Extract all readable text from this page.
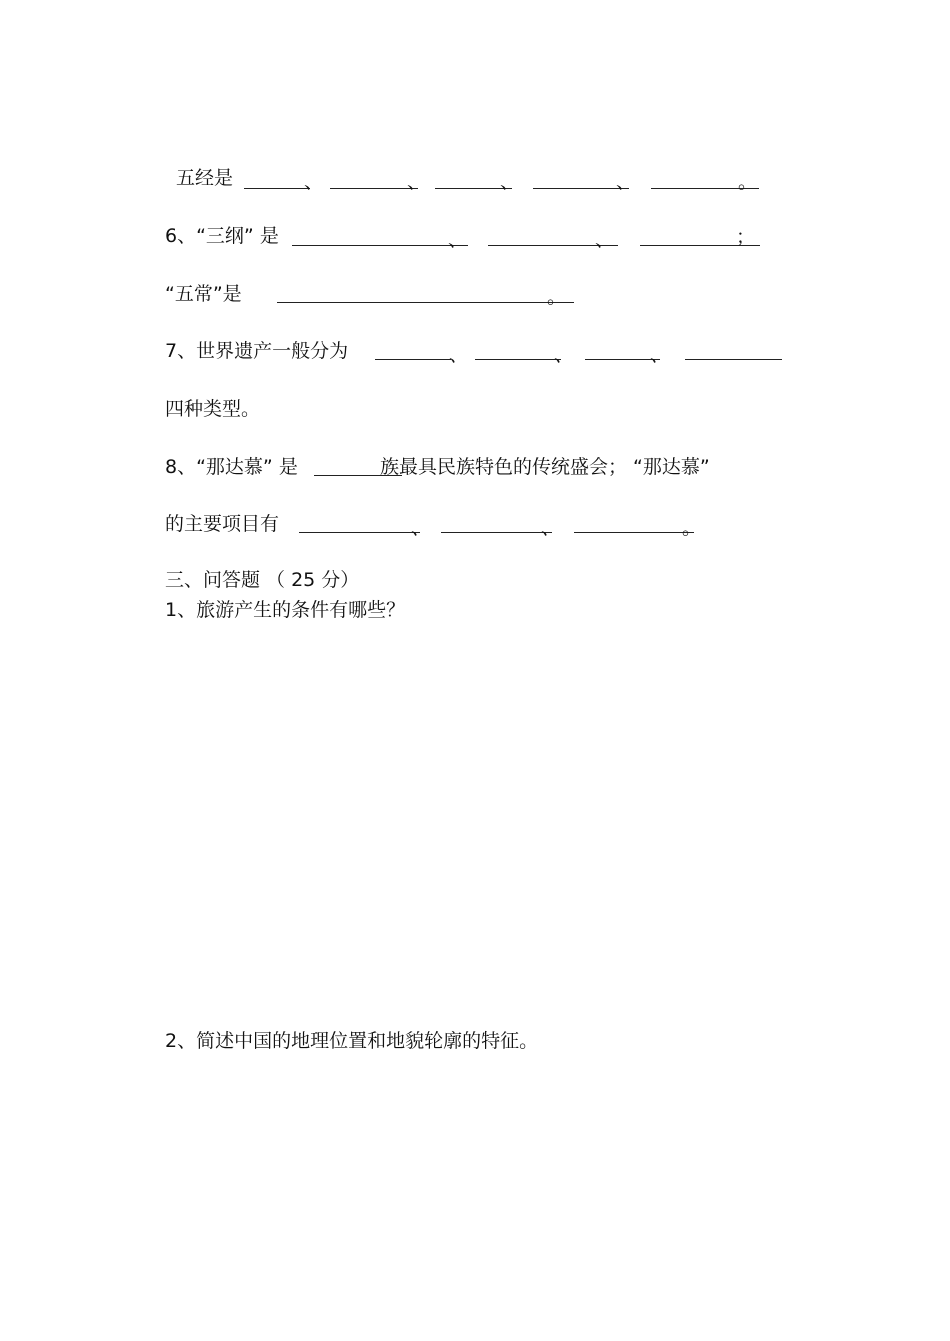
五经是	、	、	、	、	。
6、“三纲” 是	、	、	；
“五常”是	。
7、世界遗产一般分为	、	、	、
四种类型。
8、“那达慕” 是	族最具民族特色的传统盛会； “那达慕”
的主要项目有	、	、	。
三、问答题 （ 25 分）
1、旅游产生的条件有哪些？
2、简述中国的地理位置和地貌轮廓的特征。
